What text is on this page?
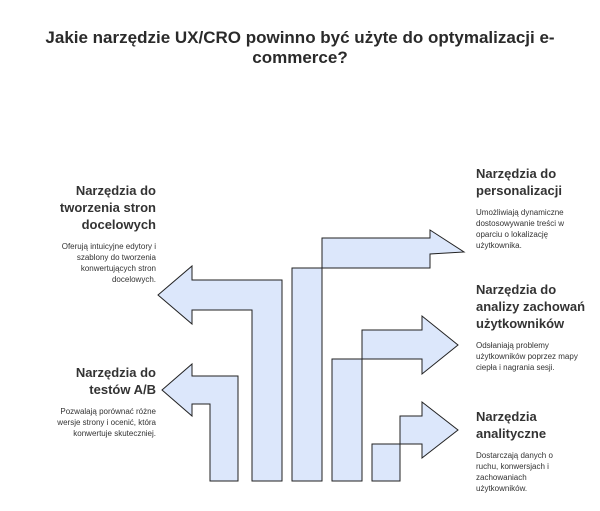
Jakie narzędzie UX/CRO powinno być użyte do optymalizacji e-commerce?
Narzędzia do tworzenia stron docelowych
Oferują intuicyjne edytory i szablony do tworzenia konwertujących stron docelowych.
Narzędzia do testów A/B
Pozwalają porównać różne wersje strony i ocenić, która konwertuje skuteczniej.
Narzędzia do personalizacji
Umożliwiają dynamiczne dostosowywanie treści w oparciu o lokalizację użytkownika.
Narzędzia do analizy zachowań użytkowników
Odsłaniają problemy użytkowników poprzez mapy ciepła i nagrania sesji.
Narzędzia analityczne
Dostarczają danych o ruchu, konwersjach i zachowaniach użytkowników.
